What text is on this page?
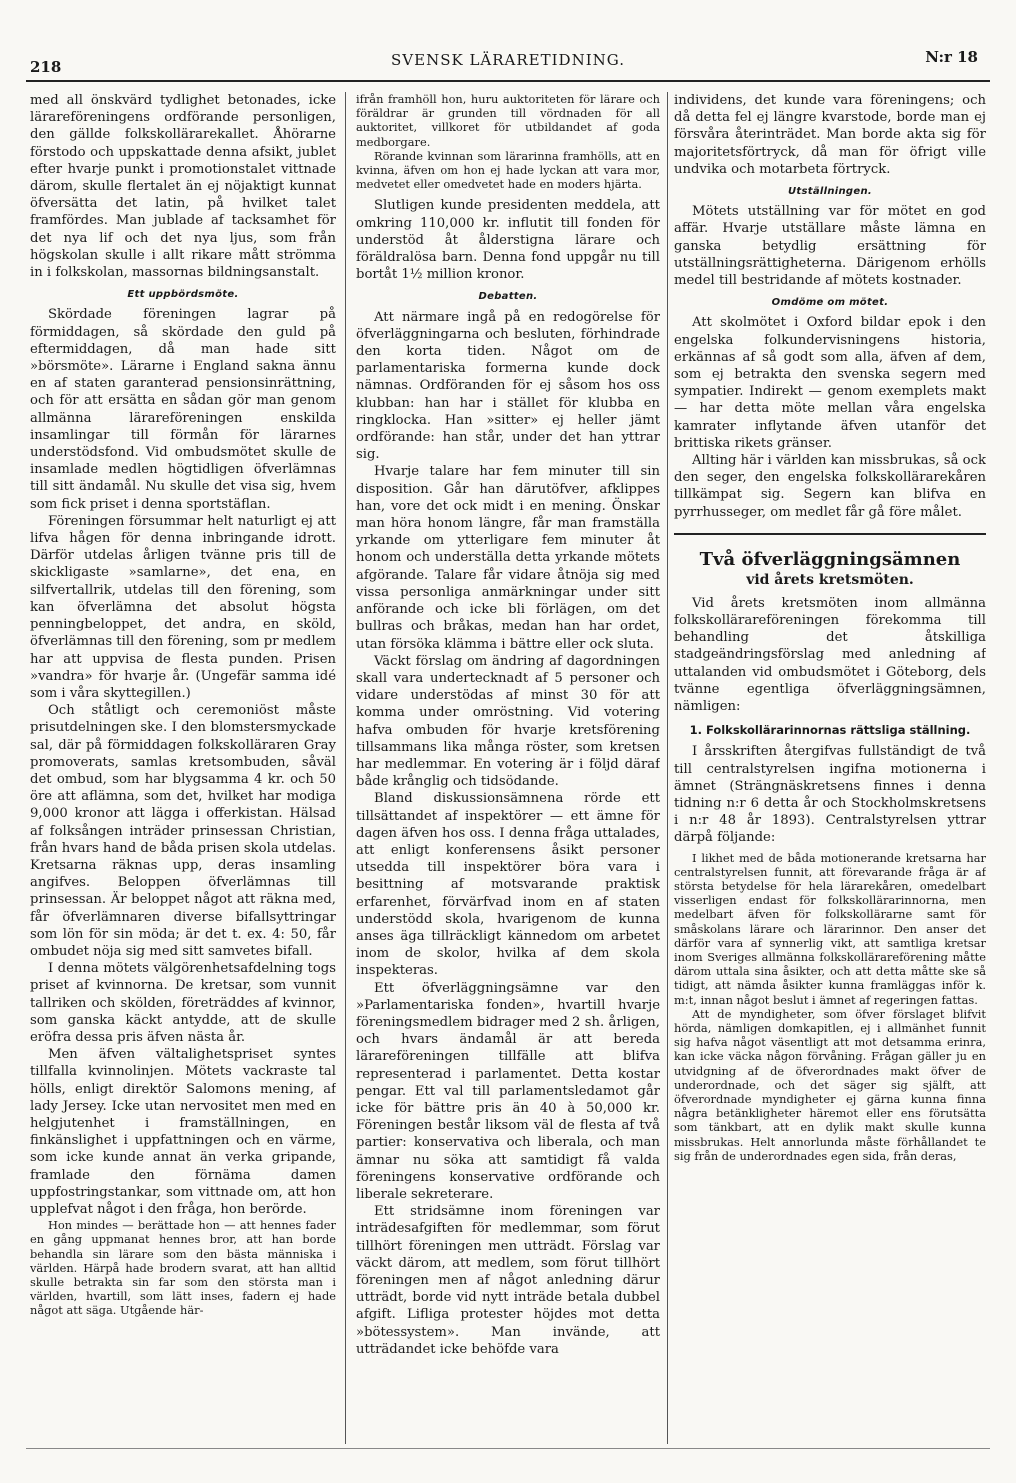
218	SVENSK LÄRARETIDNING.	N:r 18

med all önskvärd tydlighet betonades, icke lärareföreningens ordförande personligen, den gällde folkskollärarekallet. Åhörarne förstodo och uppskattade denna afsikt, jublet efter hvarje punkt i promotionstalet vittnade därom, skulle flertalet än ej nöjaktigt kunnat öfversätta det latin, på hvilket talet framfördes. Man jublade af tacksamhet för det nya lif och det nya ljus, som från högskolan skulle i allt rikare mått strömma in i folkskolan, massornas bildningsanstalt.

Ett uppbördsmöte.

Skördade föreningen lagrar på förmiddagen, så skördade den guld på eftermiddagen, då man hade sitt »börsmöte». Lärarne i England sakna ännu en af staten garanterad pensionsinrättning, och för att ersätta en sådan gör man genom allmänna lärareföreningen enskilda insamlingar till förmån för lärarnes understödsfond. Vid ombudsmötet skulle de insamlade medlen högtidligen öfverlämnas till sitt ändamål. Nu skulle det visa sig, hvem som fick priset i denna sportstäflan.

Föreningen försummar helt naturligt ej att lifva hågen för denna inbringande idrott. Därför utdelas årligen tvänne pris till de skickligaste »samlarne», det ena, en silfvertallrik, utdelas till den förening, som kan öfverlämna det absolut högsta penningbeloppet, det andra, en sköld, öfverlämnas till den förening, som pr medlem har att uppvisa de flesta punden. Prisen »vandra» för hvarje år. (Ungefär samma idé som i våra skyttegillen.)

Och ståtligt och ceremoniöst måste prisutdelningen ske. I den blomstersmyckade sal, där på förmiddagen folkskolläraren Gray promoverats, samlas kretsombuden, såväl det ombud, som har blygsamma 4 kr. och 50 öre att aflämna, som det, hvilket har modiga 9,000 kronor att lägga i offerkistan. Hälsad af folksången inträder prinsessan Christian, från hvars hand de båda prisen skola utdelas. Kretsarna räknas upp, deras insamling angifves. Beloppen öfverlämnas till prinsessan. Är beloppet något att räkna med, får öfverlämnaren diverse bifallsyttringar som lön för sin möda; är det t. ex. 4: 50, får ombudet nöja sig med sitt samvetes bifall.

I denna mötets välgörenhetsafdelning togs priset af kvinnorna. De kretsar, som vunnit tallriken och skölden, företräddes af kvinnor, som ganska käckt antydde, att de skulle eröfra dessa pris äfven nästa år.

Men äfven vältalighetspriset syntes tillfalla kvinnolinjen. Mötets vackraste tal hölls, enligt direktör Salomons mening, af lady Jersey. Icke utan nervositet men med en helgjutenhet i framställningen, en finkänslighet i uppfattningen och en värme, som icke kunde annat än verka gripande, framlade den förnäma damen uppfostringstankar, som vittnade om, att hon upplefvat något i den fråga, hon berörde.

Hon mindes — berättade hon — att hennes fader en gång uppmanat hennes bror, att han borde behandla sin lärare som den bästa människa i världen. Härpå hade brodern svarat, att han alltid skulle betrakta sin far som den största man i världen, hvartill, som lätt inses, fadern ej hade något att säga. Utgående här-

ifrån framhöll hon, huru auktoriteten för lärare och föräldrar är grunden till vördnaden för all auktoritet, villkoret för utbildandet af goda medborgare.

Rörande kvinnan som lärarinna framhölls, att en kvinna, äfven om hon ej hade lyckan att vara mor, medvetet eller omedvetet hade en moders hjärta.

Slutligen kunde presidenten meddela, att omkring 110,000 kr. influtit till fonden för understöd åt ålderstigna lärare och föräldralösa barn. Denna fond uppgår nu till bortåt 1½ million kronor.

Debatten.

Att närmare ingå på en redogörelse för öfverläggningarna och besluten, förhindrade den korta tiden. Något om de parlamentariska formerna kunde dock nämnas. Ordföranden för ej såsom hos oss klubban: han har i stället för klubba en ringklocka. Han »sitter» ej heller jämt ordförande: han står, under det han yttrar sig.

Hvarje talare har fem minuter till sin disposition. Går han därutöfver, afklippes han, vore det ock midt i en mening. Önskar man höra honom längre, får man framställa yrkande om ytterligare fem minuter åt honom och underställa detta yrkande mötets afgörande. Talare får vidare åtnöja sig med vissa personliga anmärkningar under sitt anförande och icke bli förlägen, om det bullras och bråkas, medan han har ordet, utan försöka klämma i bättre eller ock sluta.

Väckt förslag om ändring af dagordningen skall vara undertecknadt af 5 personer och vidare understödas af minst 30 för att komma under omröstning. Vid votering hafva ombuden för hvarje kretsförening tillsammans lika många röster, som kretsen har medlemmar. En votering är i följd däraf både krånglig och tidsödande.

Bland diskussionsämnena rörde ett tillsättandet af inspektörer — ett ämne för dagen äfven hos oss. I denna fråga uttalades, att enligt konferensens åsikt personer utsedda till inspektörer böra vara i besittning af motsvarande praktisk erfarenhet, förvärfvad inom en af staten understödd skola, hvarigenom de kunna anses äga tillräckligt kännedom om arbetet inom de skolor, hvilka af dem skola inspekteras.

Ett öfverläggningsämne var den »Parlamentariska fonden», hvartill hvarje föreningsmedlem bidrager med 2 sh. årligen, och hvars ändamål är att bereda lärareföreningen tillfälle att blifva representerad i parlamentet. Detta kostar pengar. Ett val till parlamentsledamot går icke för bättre pris än 40 à 50,000 kr. Föreningen består liksom väl de flesta af två partier: konservativa och liberala, och man ämnar nu söka att samtidigt få valda föreningens konservative ordförande och liberale sekreterare.

Ett stridsämne inom föreningen var inträdesafgiften för medlemmar, som förut tillhört föreningen men utträdt. Förslag var väckt därom, att medlem, som förut tillhört föreningen men af något anledning därur utträdt, borde vid nytt inträde betala dubbel afgift. Lifliga protester höjdes mot detta »bötessystem». Man invände, att utträdandet icke behöfde vara

individens, det kunde vara föreningens; och då detta fel ej längre kvarstode, borde man ej försvåra återinträdet. Man borde akta sig för majoritetsförtryck, då man för öfrigt ville undvika och motarbeta förtryck.

Utställningen.

Mötets utställning var för mötet en god affär. Hvarje utställare måste lämna en ganska betydlig ersättning för utställningsrättigheterna. Därigenom erhölls medel till bestridande af mötets kostnader.

Omdöme om mötet.

Att skolmötet i Oxford bildar epok i den engelska folkundervisningens historia, erkännas af så godt som alla, äfven af dem, som ej betrakta den svenska segern med sympatier. Indirekt — genom exemplets makt — har detta möte mellan våra engelska kamrater inflytande äfven utanför det brittiska rikets gränser.

Allting här i världen kan missbrukas, så ock den seger, den engelska folkskollärarekåren tillkämpat sig. Segern kan blifva en pyrrhusseger, om medlet får gå före målet.

Två öfverläggningsämnen
vid årets kretsmöten.

Vid årets kretsmöten inom allmänna folkskollärareföreningen förekomma till behandling det åtskilliga stadgeändringsförslag med anledning af uttalanden vid ombudsmötet i Göteborg, dels tvänne egentliga öfverläggningsämnen, nämligen:

1. Folkskollärarinnornas rättsliga ställning.

I årsskriften återgifvas fullständigt de två till centralstyrelsen ingifna motionerna i ämnet (Strängnäskretsens finnes i denna tidning n:r 6 detta år och Stockholmskretsens i n:r 48 år 1893). Centralstyrelsen yttrar därpå följande:

I likhet med de båda motionerande kretsarna har centralstyrelsen funnit, att förevarande fråga är af största betydelse för hela lärarekåren, omedelbart visserligen endast för folkskollärarinnorna, men medelbart äfven för folkskollärarne samt för småskolans lärare och lärarinnor. Den anser det därför vara af synnerlig vikt, att samtliga kretsar inom Sveriges allmänna folkskollärareförening måtte därom uttala sina åsikter, och att detta måtte ske så tidigt, att nämda åsikter kunna framläggas inför k. m:t, innan något beslut i ämnet af regeringen fattas.

Att de myndigheter, som öfver förslaget blifvit hörda, nämligen domkapitlen, ej i allmänhet funnit sig hafva något väsentligt att mot detsamma erinra, kan icke väcka någon förvåning. Frågan gäller ju en utvidgning af de öfverordnades makt öfver de underordnade, och det säger sig själft, att öfverordnade myndigheter ej gärna kunna finna några betänkligheter häremot eller ens förutsätta som tänkbart, att en dylik makt skulle kunna missbrukas. Helt annorlunda måste förhållandet te sig från de underordnades egen sida, från deras,
